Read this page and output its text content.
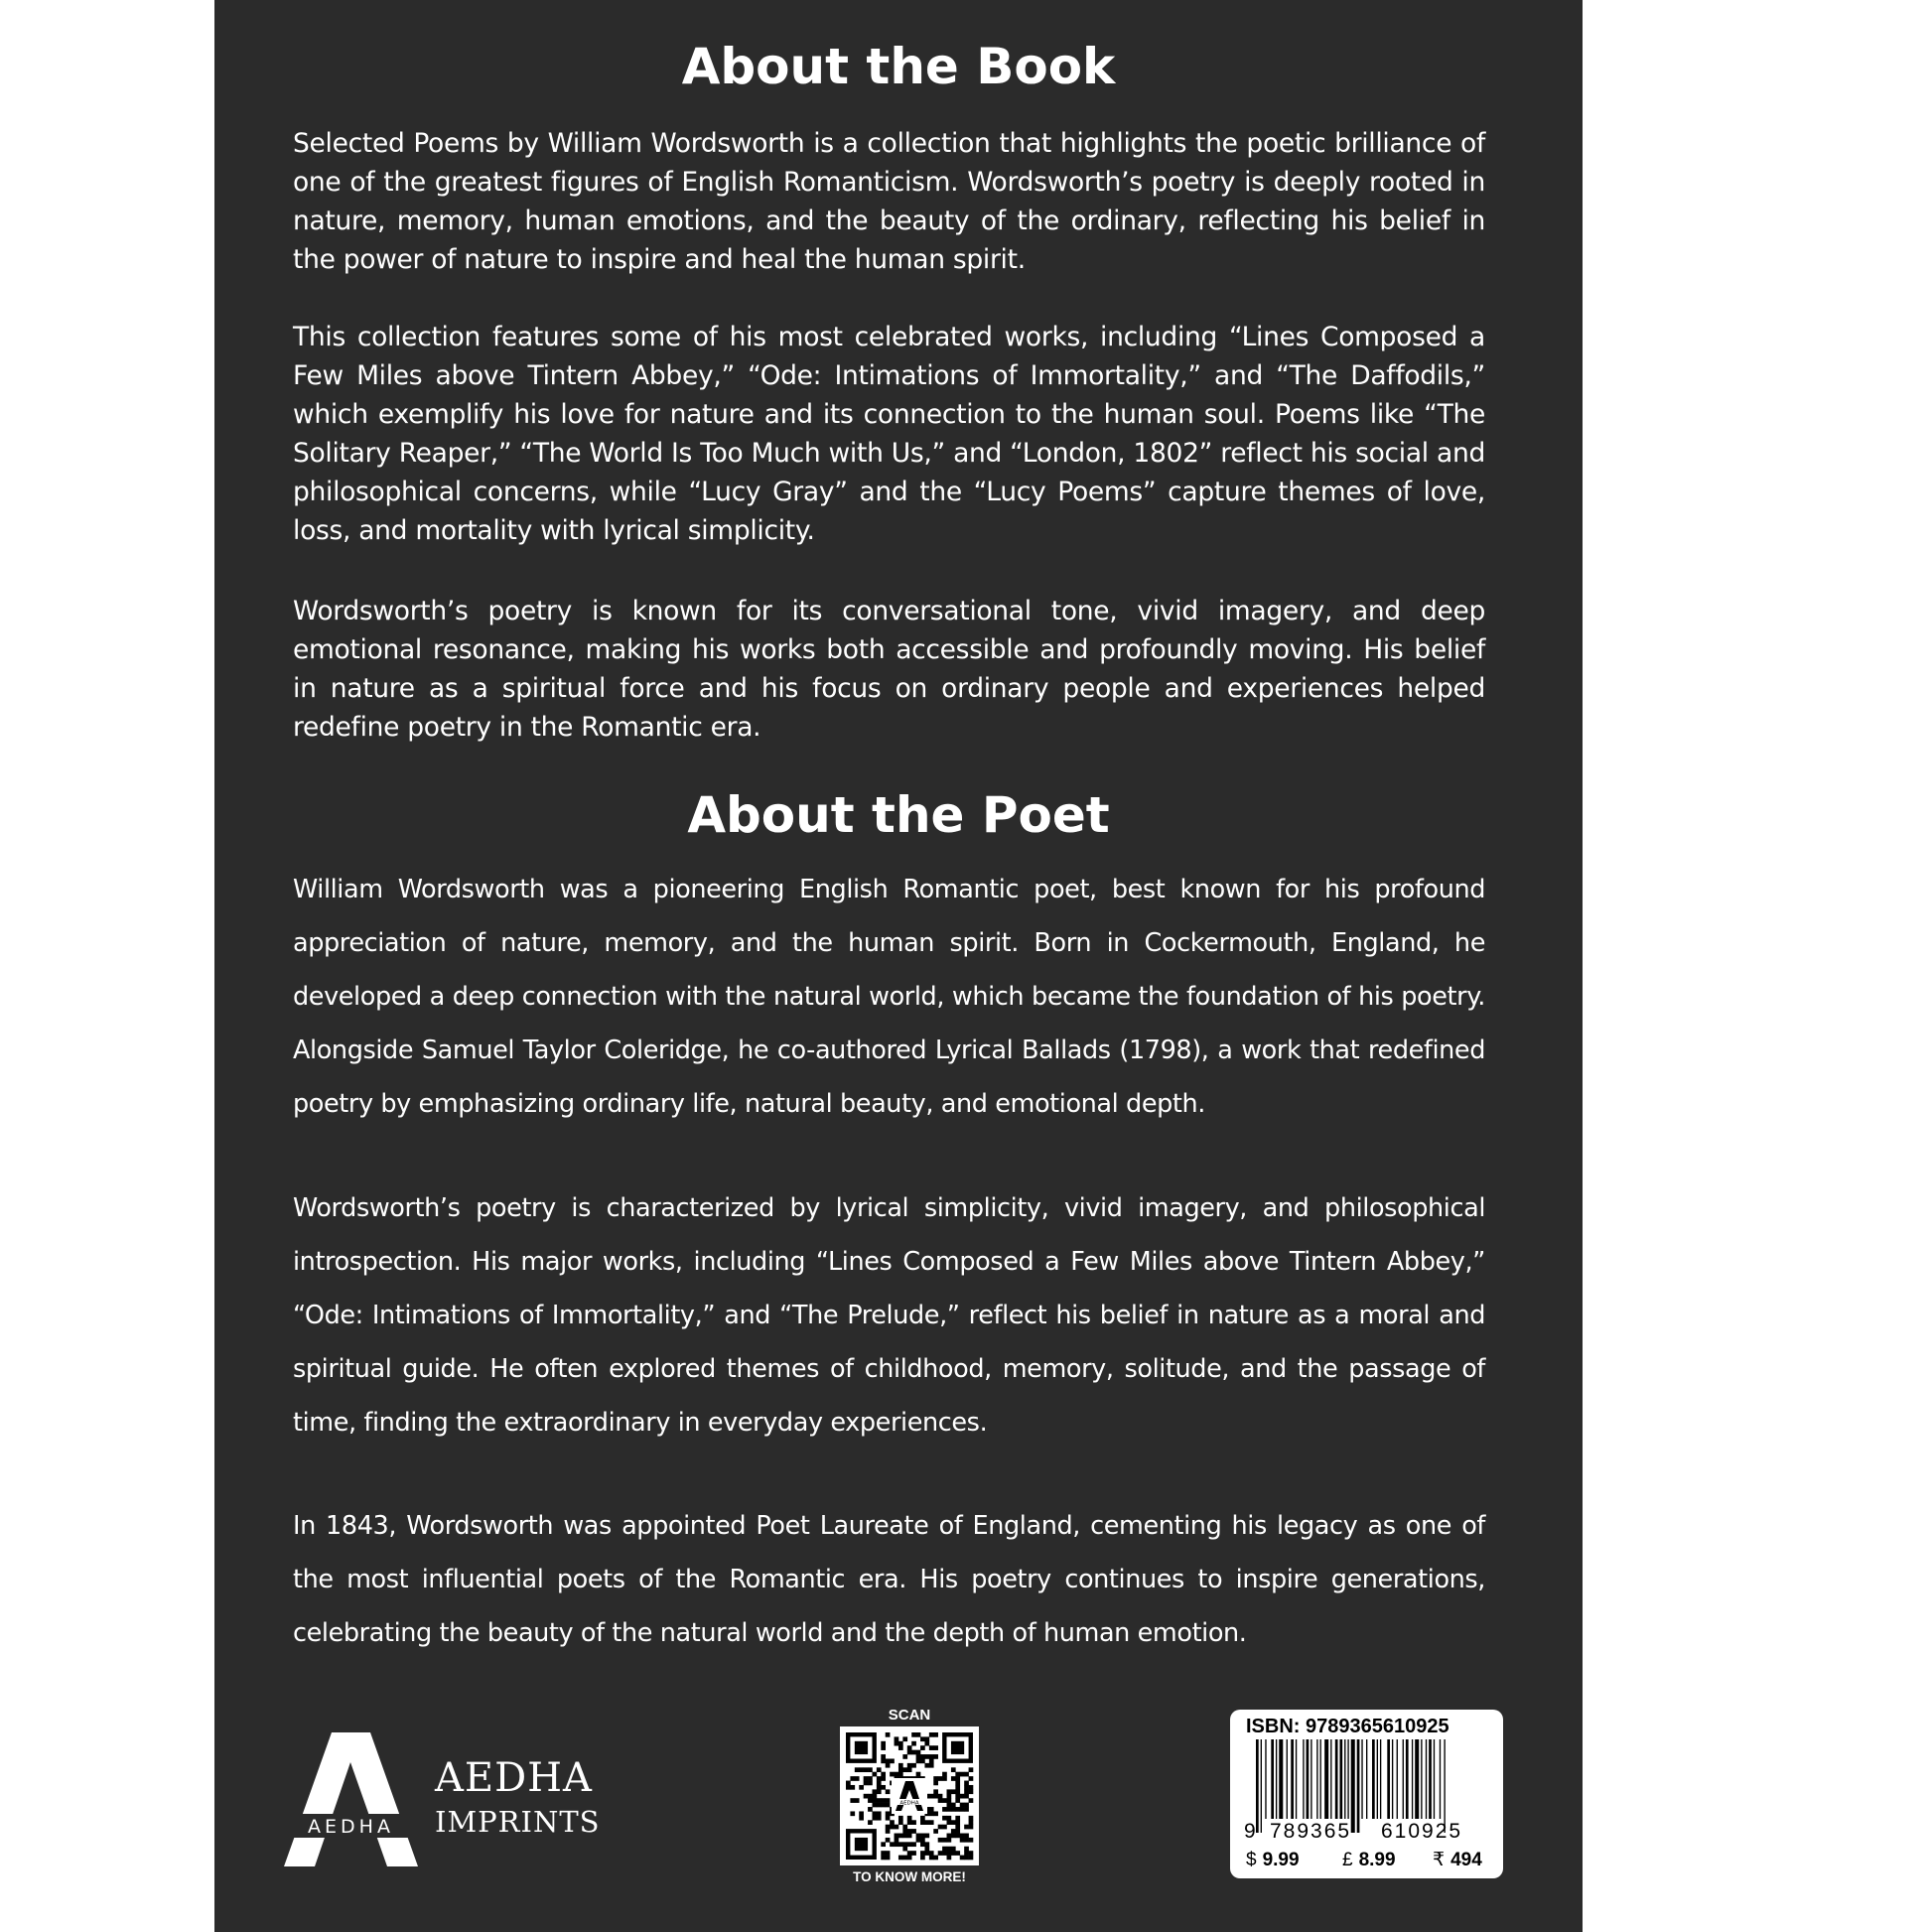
About the Book

Selected Poems by William Wordsworth is a collection that highlights the poetic brilliance of one of the greatest figures of English Romanticism. Wordsworth’s poetry is deeply rooted in nature, memory, human emotions, and the beauty of the ordinary, reflecting his belief in the power of nature to inspire and heal the human spirit.

This collection features some of his most celebrated works, including “Lines Composed a Few Miles above Tintern Abbey,” “Ode: Intimations of Immortality,” and “The Daffodils,” which exemplify his love for nature and its connection to the human soul. Poems like “The Solitary Reaper,” “The World Is Too Much with Us,” and “London, 1802” reflect his social and philosophical concerns, while “Lucy Gray” and the “Lucy Poems” capture themes of love, loss, and mortality with lyrical simplicity.

Wordsworth’s poetry is known for its conversational tone, vivid imagery, and deep emotional resonance, making his works both accessible and profoundly moving. His belief in nature as a spiritual force and his focus on ordinary people and experiences helped redefine poetry in the Romantic era.

About the Poet

William Wordsworth was a pioneering English Romantic poet, best known for his profound appreciation of nature, memory, and the human spirit. Born in Cockermouth, England, he developed a deep connection with the natural world, which became the foundation of his poetry. Alongside Samuel Taylor Coleridge, he co-authored Lyrical Ballads (1798), a work that redefined poetry by emphasizing ordinary life, natural beauty, and emotional depth.

Wordsworth’s poetry is characterized by lyrical simplicity, vivid imagery, and philosophical introspection. His major works, including “Lines Composed a Few Miles above Tintern Abbey,” “Ode: Intimations of Immortality,” and “The Prelude,” reflect his belief in nature as a moral and spiritual guide. He often explored themes of childhood, memory, solitude, and the passage of time, finding the extraordinary in everyday experiences.

In 1843, Wordsworth was appointed Poet Laureate of England, cementing his legacy as one of the most influential poets of the Romantic era. His poetry continues to inspire generations, celebrating the beauty of the natural world and the depth of human emotion.

AEDHA
AEDHA
IMPRINTS
SCAN
AEDHA
TO KNOW MORE!
ISBN: 9789365610925
9 789365 610925
$ 9.99 £ 8.99 ₹ 494
